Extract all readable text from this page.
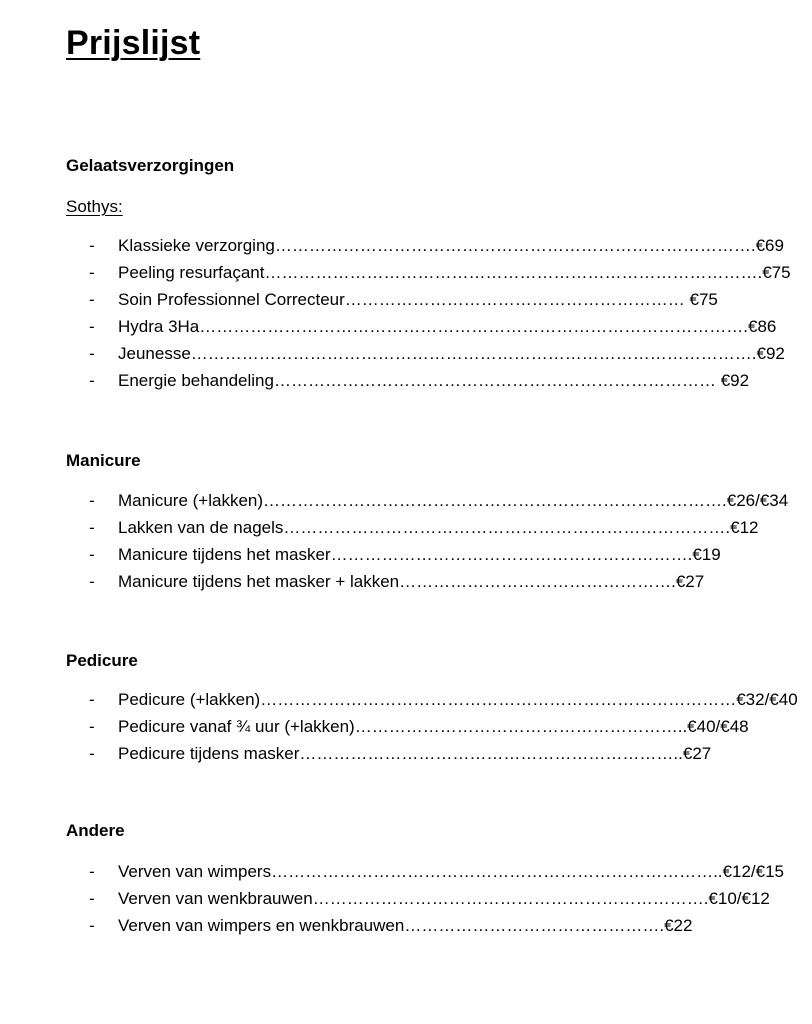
Prijslijst
Gelaatsverzorgingen
Sothys:
- Klassieke verzorging………………………………………………………………………….€69
- Peeling resurfaçant…………………………………………………………………………….€75
- Soin Professionnel Correcteur…………………………………………………… €75
- Hydra 3Ha…………………………………………………………………………………….€86
- Jeunesse……………………………………………………………………………………….€92
- Energie behandeling…………………………………………………………………… €92
Manicure
- Manicure (+lakken)……………………………………………………………………….€26/€34
- Lakken van de nagels…………………………………………………………………….€12
- Manicure tijdens het masker……………………………………………………….€19
- Manicure tijdens het masker + lakken………………………………………….€27
Pedicure
- Pedicure (+lakken)…………………………………………………………………………€32/€40
- Pedicure vanaf ¾ uur (+lakken)…………………………………………………..€40/€48
- Pedicure tijdens masker…………………………………………………………..€27
Andere
- Verven van wimpers……………………………………………………………………..€12/€15
- Verven van wenkbrauwen…………………………………………………………….€10/€12
- Verven van wimpers en wenkbrauwen……………………………………….€22
